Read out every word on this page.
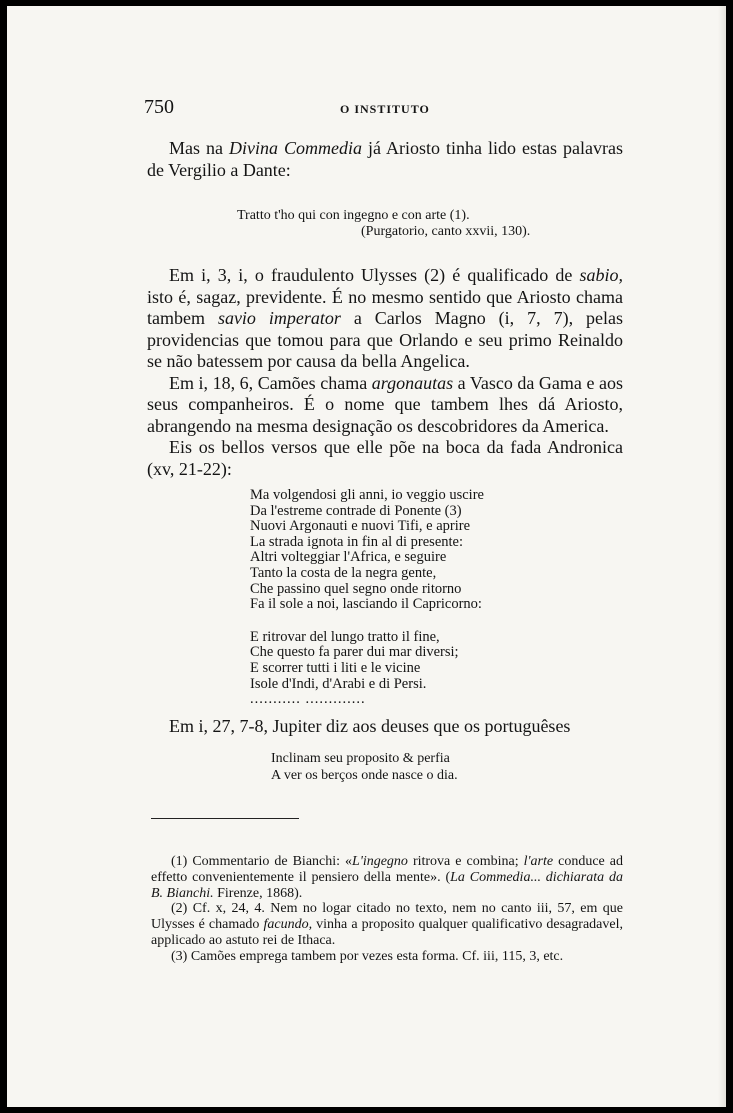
750	O INSTITUTO

Mas na Divina Commedia já Ariosto tinha lido estas palavras de Vergilio a Dante:

Tratto t'ho qui con ingegno e con arte (1).
(Purgatorio, canto xxvii, 130).

Em i, 3, i, o fraudulento Ulysses (2) é qualificado de sabio, isto é, sagaz, previdente. É no mesmo sentido que Ariosto chama tambem savio imperator a Carlos Magno (i, 7, 7), pelas providencias que tomou para que Orlando e seu primo Reinaldo se não batessem por causa da bella Angelica.

Em i, 18, 6, Camões chama argonautas a Vasco da Gama e aos seus companheiros. É o nome que tambem lhes dá Ariosto, abrangendo na mesma designação os descobridores da America.

Eis os bellos versos que elle põe na boca da fada Andronica (xv, 21-22):

Ma volgendosi gli anni, io veggio uscire
Da l'estreme contrade di Ponente (3)
Nuovi Argonauti e nuovi Tifi, e aprire
La strada ignota in fin al di presente:
Altri volteggiar l'Africa, e seguire
Tanto la costa de la negra gente,
Che passino quel segno onde ritorno
Fa il sole a noi, lasciando il Capricorno:
E ritrovar del lungo tratto il fine,
Che questo fa parer dui mar diversi;
E scorrer tutti i liti e le vicine
Isole d'Indi, d'Arabi e di Persi.
........... .............

Em i, 27, 7-8, Jupiter diz aos deuses que os portuguêses

Inclinam seu proposito & perfia
A ver os berços onde nasce o dia.

(1) Commentario de Bianchi: «L'ingegno ritrova e combina; l'arte conduce ad effetto convenientemente il pensiero della mente». (La Commedia... dichiarata da B. Bianchi. Firenze, 1868).

(2) Cf. x, 24, 4. Nem no logar citado no texto, nem no canto iii, 57, em que Ulysses é chamado facundo, vinha a proposito qualquer qualificativo desagradavel, applicado ao astuto rei de Ithaca.

(3) Camões emprega tambem por vezes esta forma. Cf. iii, 115, 3, etc.
